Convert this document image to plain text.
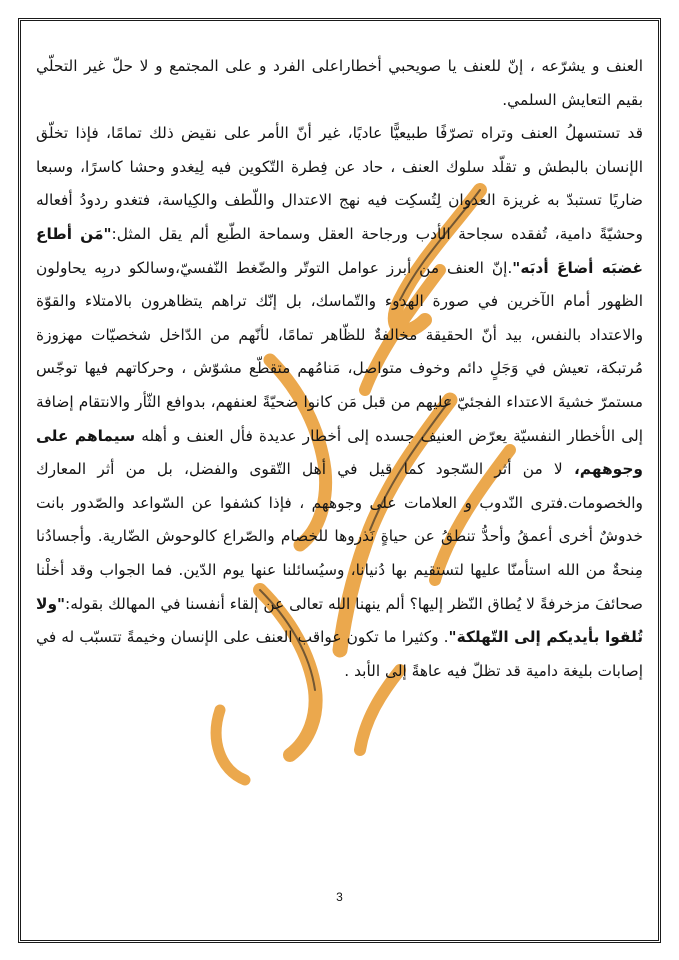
العنف و يشرّعه ، إنّ للعنف يا صويحبي أخطاراعلى الفرد و على المجتمع و لا حلّ غير التحلّي بقيم التعايش السلمي.

قد تستسهلُ العنف وتراه تصرّفًا طبيعيًّا عاديًا، غير أنّ الأمر على نقيض ذلك تمامًا، فإذا تخلّق الإنسان بالبطش و تقلّد سلوك العنف ، حاد عن فِطرة التّكوين فيه لِيغدو وحشا كاسرًا، وسبعا ضاريًا تستبدّ به غريزة العدوان لِتُسكِت فيه نهج الاعتدال واللّطف والكِياسة، فتغدو ردودُ أفعاله وحشيّةً دامية، تُفقده سجاحة الأدب ورجاحة العقل وسماحة الطّبع ألم يقل المثل:"مَن أطاع غضبَه أضاعَ أدبَه".إنّ العنف من أبرز عوامل التوتّر والضّغط النّفسيّ،وسالكو دربِه يحاولون الظهور أمام الآخرين في صورة الهدوء والتّماسك، بل إنّك تراهم يتظاهرون بالامتلاء والقوّة والاعتداد بالنفس، بيد أنّ الحقيقة مخالفةٌ للظّاهر تمامًا، لأنّهم من الدّاخل شخصيّات مهزوزة مُرتبكة، تعيش في وَجَلٍ دائم وخوف متواصل، مَنامُهم متقطّع مشوّش ، وحركاتهم فيها توجّس مستمرّ خشيةَ الاعتداء الفجئيّ عليهم من قبل مَن كانوا ضحيّةً لعنفهم، بدوافع الثّأر والانتقام إضافة إلى الأخطار النفسيّة يعرّض العنيف جسده إلى أخطار عديدة فأل العنف و أهله سيماهم على وجوههم، لا من أثر السّجود كما قيل في أهل التّقوى والفضل، بل من أثر المعارك والخصومات.فترى النّدوب و العلامات على وجوههم ، فإذا كشفوا عن السّواعد والصّدور بانت خدوشٌ أخرى أعمقُ وأحدُّ تنطقُ عن حياةٍ نَذروها للخصام والصّراع كالوحوش الضّارية. وأجسادُنا مِنحةٌ من الله استأمنّا عليها لتستقيم بها دُنيانا، وسيُسائلنا عنها يوم الدّين. فما الجواب وقد أخلْنا صحائفَ مزخرفةً لا يُطاق النّظر إليها؟ ألم ينهنا الله تعالى عن إلقاء أنفسنا في المهالك بقوله:"ولا تُلقوا بأيديكم إلى التّهلكة". وكثيرا ما تكون عواقب العنف على الإنسان وخيمةً تتسبّب له في إصابات بليغة دامية قد تظلّ فيه عاهةً إلى الأبد .

3
